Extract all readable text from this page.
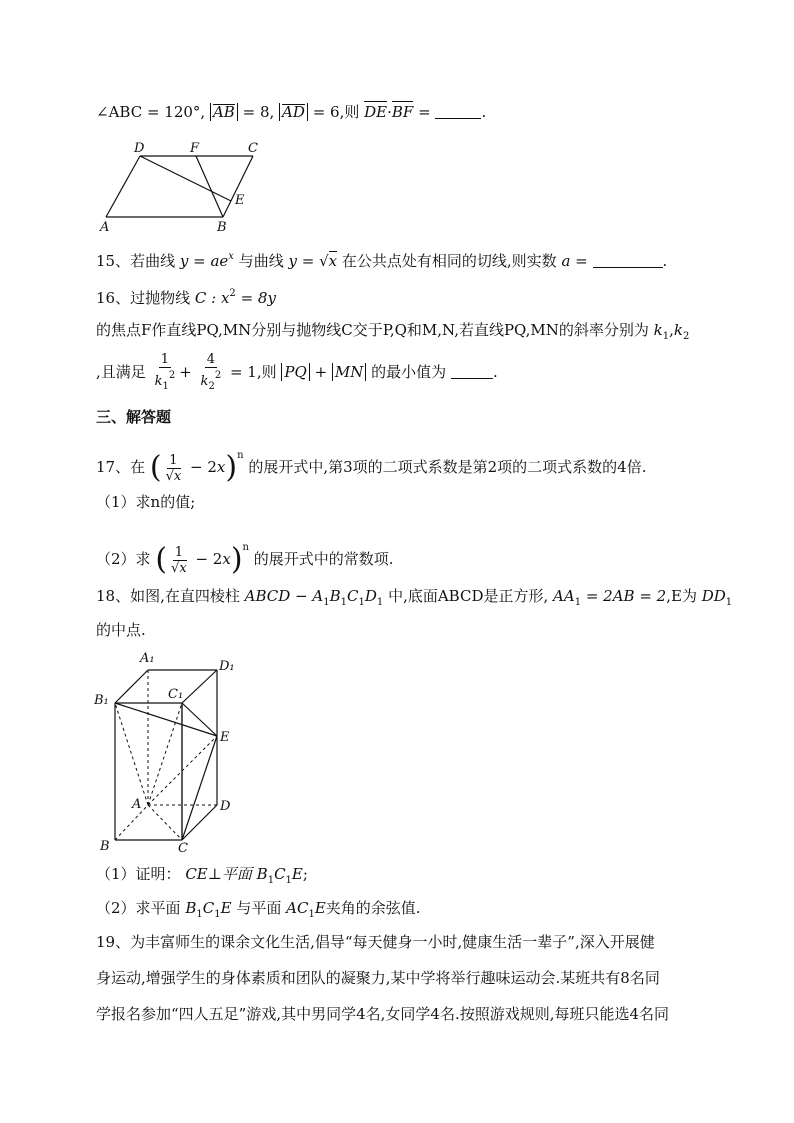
∠ABC = 120°, AB = 8, AD = 6,则 DE·BF =	.
D	F	C
E
A	B
15、若曲线 $y = ae^x$ 与曲线 y = √x 在公共点处有相同的切线,则实数 a =	.
16、过抛物线 C : $x^2 = 8y$
的焦点F作直线PQ,MN分别与抛物线C交于P,Q和M,N,若直线PQ,MN的斜率分别为 $k_1,k_2$
,且满足 $\frac{1}{k_1^2} + \frac{4}{k_2^2} = 1$,则 PQ + MN 的最小值为	.
三、解答题
17、在 ( $\frac{1}{√x} - 2x)^n$ 的展开式中,第3项的二项式系数是第2项的二项式系数的4倍.
（1）求n的值;
（2）求 ( $\frac{1}{√x} - 2x)^n$ 的展开式中的常数项.
18、如图,在直四棱柱 ABCD − $A_1B_1C_1D_1$ 中,底面ABCD是正方形, $AA_1 = 2AB = 2,E$为 $DD_1$
的中点.
A₁
D₁
B₁	C₁
E
A	D
B	C
（1）证明： CE⊥平面 $B_1C_1E$;
（2）求平面 $B_1C_1E$ 与平面 $AC_1E$夹角的余弦值.
19、为丰富师生的课余文化生活,倡导“每天健身一小时,健康生活一辈子”,深入开展健
身运动,增强学生的身体素质和团队的凝聚力,某中学将举行趣味运动会.某班共有8名同
学报名参加“四人五足”游戏,其中男同学4名,女同学4名.按照游戏规则,每班只能选4名同
